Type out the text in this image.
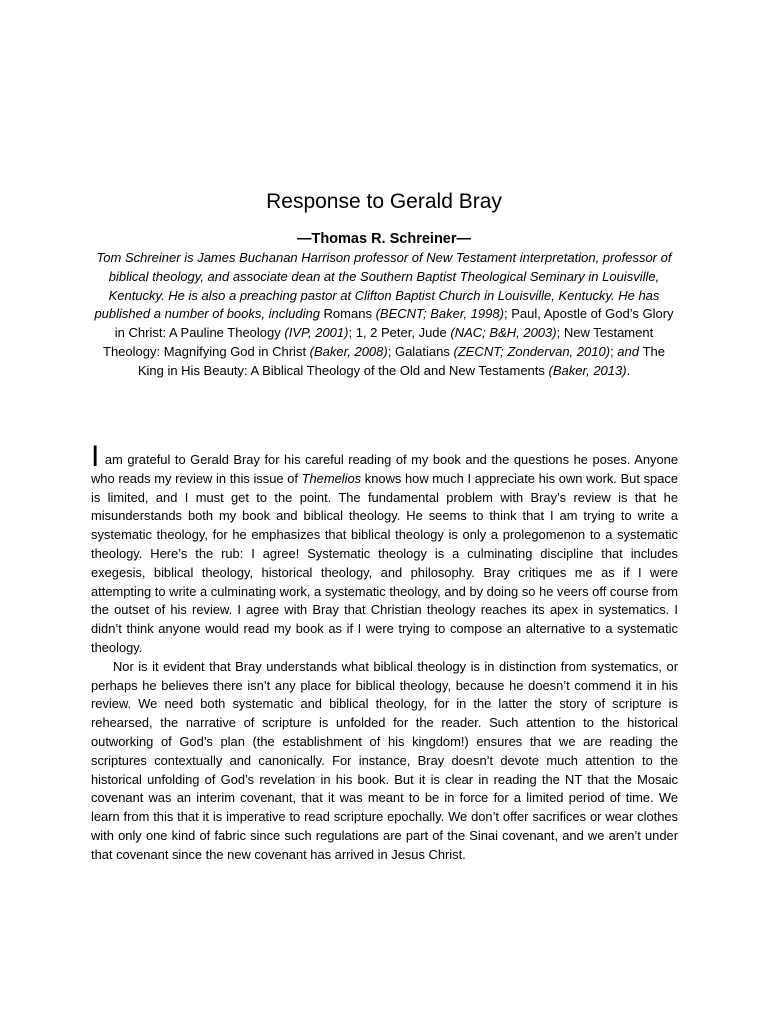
Response to Gerald Bray
—Thomas R. Schreiner—

Tom Schreiner is James Buchanan Harrison professor of New Testament interpretation, professor of biblical theology, and associate dean at the Southern Baptist Theological Seminary in Louisville, Kentucky. He is also a preaching pastor at Clifton Baptist Church in Louisville, Kentucky. He has published a number of books, including Romans (BECNT; Baker, 1998); Paul, Apostle of God’s Glory in Christ: A Pauline Theology (IVP, 2001); 1, 2 Peter, Jude (NAC; B&H, 2003); New Testament Theology: Magnifying God in Christ (Baker, 2008); Galatians (ZECNT; Zondervan, 2010); and The King in His Beauty: A Biblical Theology of the Old and New Testaments (Baker, 2013).

I am grateful to Gerald Bray for his careful reading of my book and the questions he poses. Anyone who reads my review in this issue of Themelios knows how much I appreciate his own work. But space is limited, and I must get to the point. The fundamental problem with Bray’s review is that he misunderstands both my book and biblical theology. He seems to think that I am trying to write a systematic theology, for he emphasizes that biblical theology is only a prolegomenon to a systematic theology. Here’s the rub: I agree! Systematic theology is a culminating discipline that includes exegesis, biblical theology, historical theology, and philosophy. Bray critiques me as if I were attempting to write a culminating work, a systematic theology, and by doing so he veers off course from the outset of his review. I agree with Bray that Christian theology reaches its apex in systematics. I didn’t think anyone would read my book as if I were trying to compose an alternative to a systematic theology.

Nor is it evident that Bray understands what biblical theology is in distinction from systematics, or perhaps he believes there isn’t any place for biblical theology, because he doesn’t commend it in his review. We need both systematic and biblical theology, for in the latter the story of scripture is rehearsed, the narrative of scripture is unfolded for the reader. Such attention to the historical outworking of God’s plan (the establishment of his kingdom!) ensures that we are reading the scriptures contextually and canonically. For instance, Bray doesn’t devote much attention to the historical unfolding of God’s revelation in his book. But it is clear in reading the NT that the Mosaic covenant was an interim covenant, that it was meant to be in force for a limited period of time. We learn from this that it is imperative to read scripture epochally. We don’t offer sacrifices or wear clothes with only one kind of fabric since such regulations are part of the Sinai covenant, and we aren’t under that covenant since the new covenant has arrived in Jesus Christ.
